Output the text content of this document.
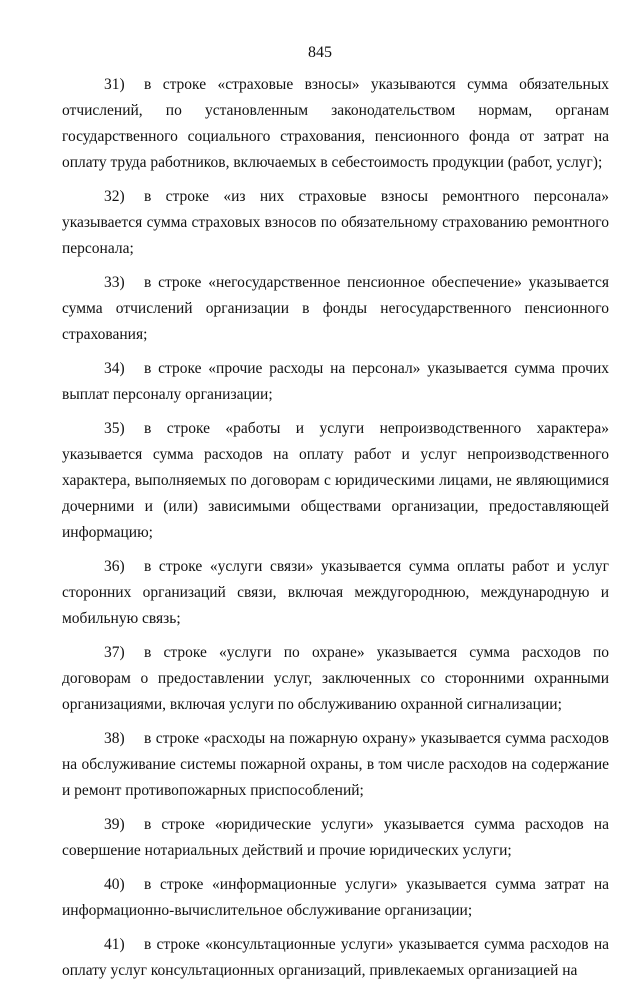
845

31) в строке «страховые взносы» указываются сумма обязательных отчислений, по установленным законодательством нормам, органам государственного социального страхования, пенсионного фонда от затрат на оплату труда работников, включаемых в себестоимость продукции (работ, услуг);

32) в строке «из них страховые взносы ремонтного персонала» указывается сумма страховых взносов по обязательному страхованию ремонтного персонала;

33) в строке «негосударственное пенсионное обеспечение» указывается сумма отчислений организации в фонды негосударственного пенсионного страхования;

34) в строке «прочие расходы на персонал» указывается сумма прочих выплат персоналу организации;

35) в строке «работы и услуги непроизводственного характера» указывается сумма расходов на оплату работ и услуг непроизводственного характера, выполняемых по договорам с юридическими лицами, не являющимися дочерними и (или) зависимыми обществами организации, предоставляющей информацию;

36) в строке «услуги связи» указывается сумма оплаты работ и услуг сторонних организаций связи, включая междугороднюю, международную и мобильную связь;

37) в строке «услуги по охране» указывается сумма расходов по договорам о предоставлении услуг, заключенных со сторонними охранными организациями, включая услуги по обслуживанию охранной сигнализации;

38) в строке «расходы на пожарную охрану» указывается сумма расходов на обслуживание системы пожарной охраны, в том числе расходов на содержание и ремонт противопожарных приспособлений;

39) в строке «юридические услуги» указывается сумма расходов на совершение нотариальных действий и прочие юридических услуги;

40) в строке «информационные услуги» указывается сумма затрат на информационно-вычислительное обслуживание организации;

41) в строке «консультационные услуги» указывается сумма расходов на оплату услуг консультационных организаций, привлекаемых организацией на
